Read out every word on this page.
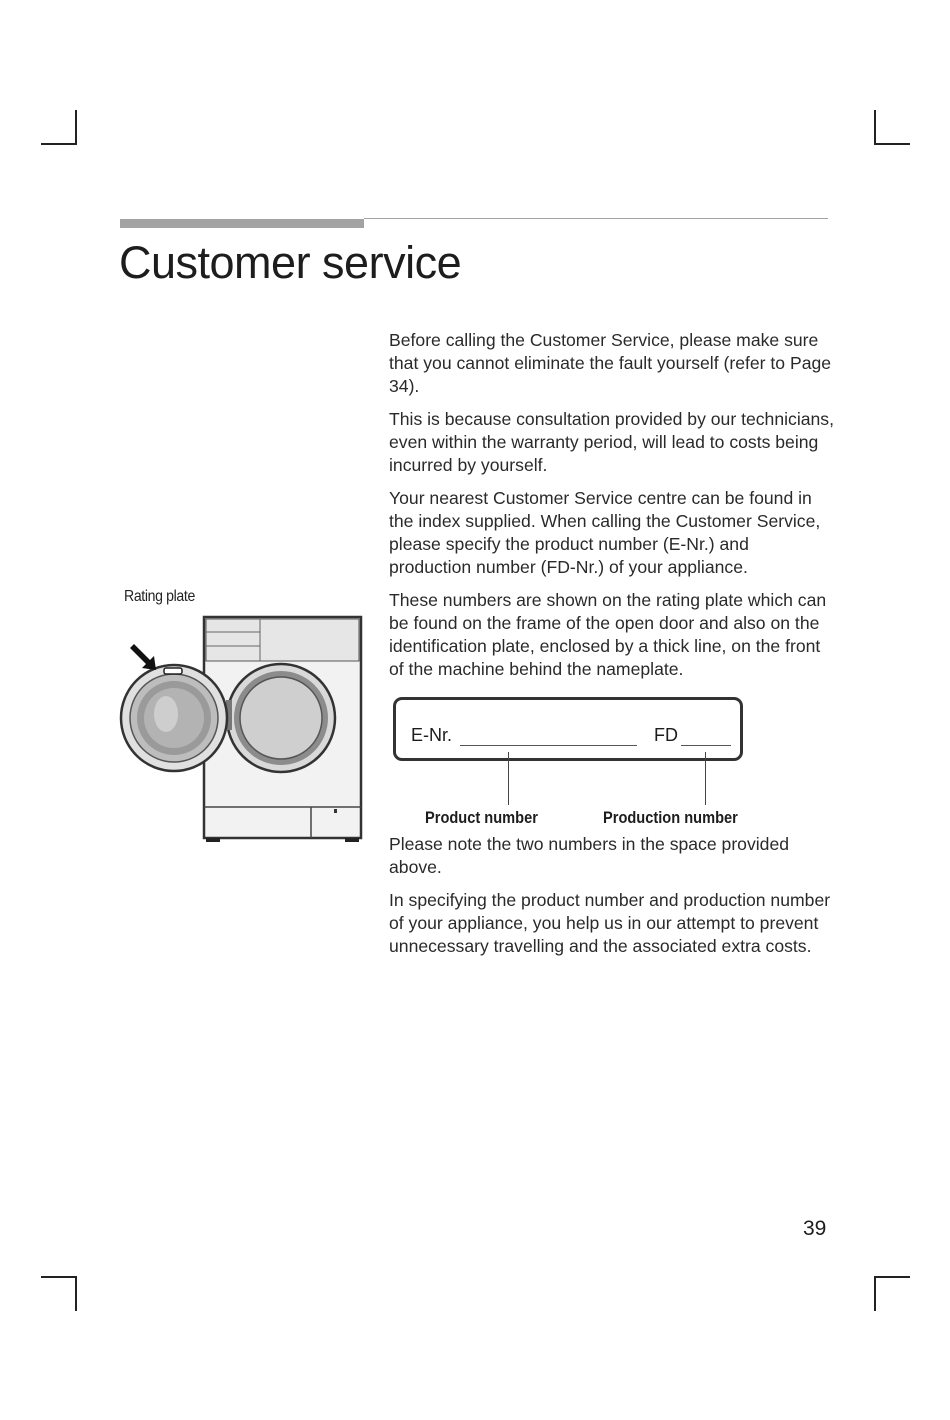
Customer service

Before calling the Customer Service, please make sure that you cannot eliminate the fault yourself (refer to Page 34).

This is because consultation provided by our technicians, even within the warranty period, will lead to costs being incurred by yourself.

Your nearest Customer Service centre can be found in the index supplied. When calling the Customer Service, please specify the product number (E-Nr.) and production number (FD-Nr.) of your appliance.

These numbers are shown on the rating plate which can be found on the frame of the open door and also on the identification plate, enclosed by a thick line, on the front of the machine behind the nameplate.

Rating plate
E-Nr.	FD
Product number	Production number

Please note the two numbers in the space provided above.

In specifying the product number and production number of your appliance, you help us in our attempt to prevent unnecessary travelling and the associated extra costs.

39
